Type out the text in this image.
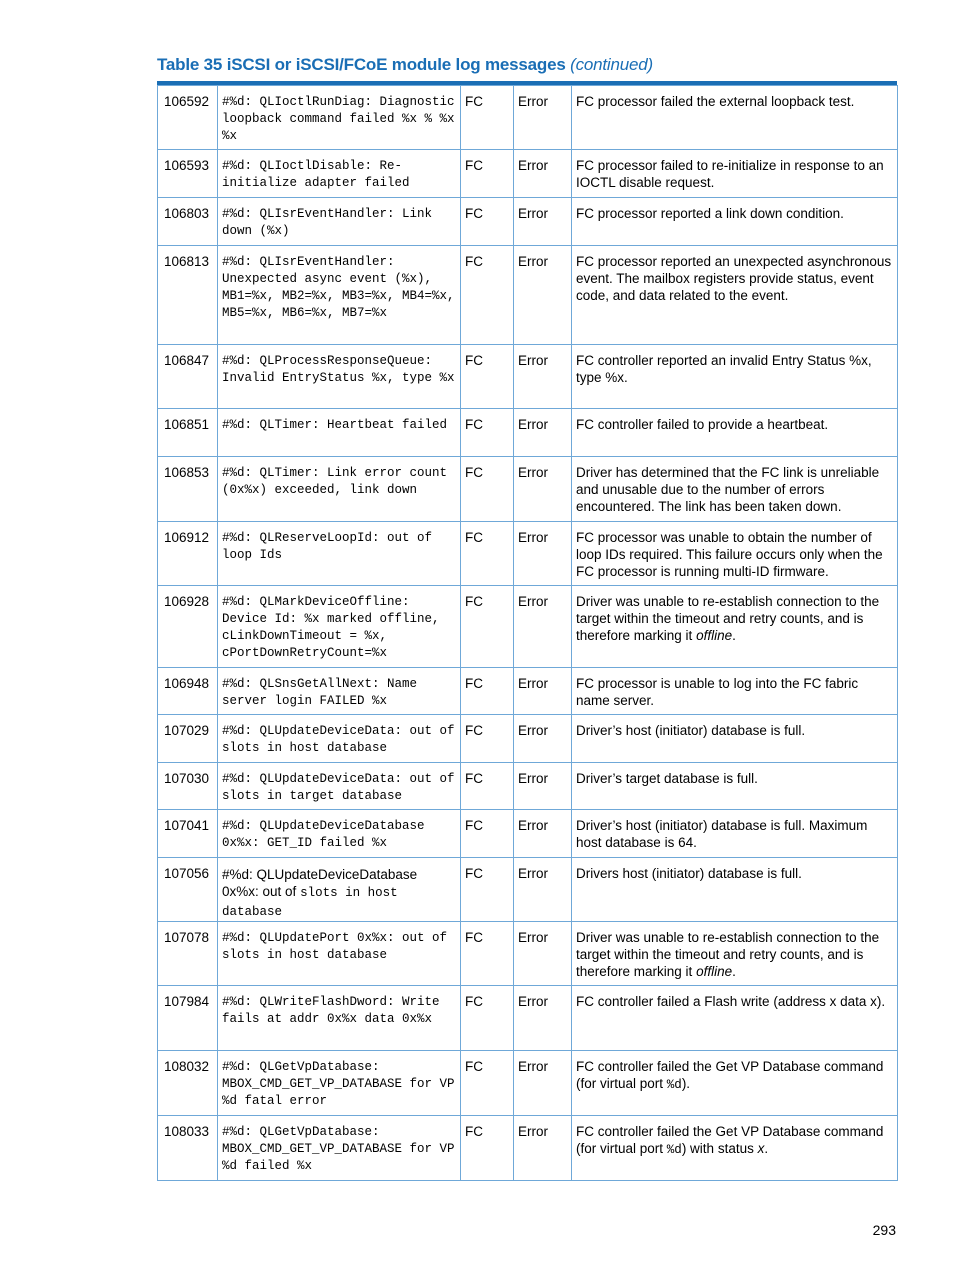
Table 35 iSCSI or iSCSI/FCoE module log messages (continued)
106592	#%d: QLIoctlRunDiag: Diagnostic loopback command failed %x % %x %x	FC	Error	FC processor failed the external loopback test.
106593	#%d: QLIoctlDisable: Re-initialize adapter failed	FC	Error	FC processor failed to re-initialize in response to an IOCTL disable request.
106803	#%d: QLIsrEventHandler: Link down (%x)	FC	Error	FC processor reported a link down condition.
106813	#%d: QLIsrEventHandler: Unexpected async event (%x), MB1=%x, MB2=%x, MB3=%x, MB4=%x, MB5=%x, MB6=%x, MB7=%x	FC	Error	FC processor reported an unexpected asynchronous event. The mailbox registers provide status, event code, and data related to the event.
106847	#%d: QLProcessResponseQueue: Invalid EntryStatus %x, type %x	FC	Error	FC controller reported an invalid Entry Status %x, type %x.
106851	#%d: QLTimer: Heartbeat failed	FC	Error	FC controller failed to provide a heartbeat.
106853	#%d: QLTimer: Link error count (0x%x) exceeded, link down	FC	Error	Driver has determined that the FC link is unreliable and unusable due to the number of errors encountered. The link has been taken down.
106912	#%d: QLReserveLoopId: out of loop Ids	FC	Error	FC processor was unable to obtain the number of loop IDs required. This failure occurs only when the FC processor is running multi-ID firmware.
106928	#%d: QLMarkDeviceOffline: Device Id: %x marked offline, cLinkDownTimeout = %x, cPortDownRetryCount=%x	FC	Error	Driver was unable to re-establish connection to the target within the timeout and retry counts, and is therefore marking it offline.
106948	#%d: QLSnsGetAllNext: Name server login FAILED %x	FC	Error	FC processor is unable to log into the FC fabric name server.
107029	#%d: QLUpdateDeviceData: out of slots in host database	FC	Error	Driver’s host (initiator) database is full.
107030	#%d: QLUpdateDeviceData: out of slots in target database	FC	Error	Driver’s target database is full.
107041	#%d: QLUpdateDeviceDatabase 0x%x: GET_ID failed %x	FC	Error	Driver’s host (initiator) database is full. Maximum host database is 64.
107056	#%d: QLUpdateDeviceDatabase 0x%x: out of slots in host database	FC	Error	Drivers host (initiator) database is full.
107078	#%d: QLUpdatePort 0x%x: out of slots in host database	FC	Error	Driver was unable to re-establish connection to the target within the timeout and retry counts, and is therefore marking it offline.
107984	#%d: QLWriteFlashDword: Write fails at addr 0x%x data 0x%x	FC	Error	FC controller failed a Flash write (address x data x).
108032	#%d: QLGetVpDatabase: MBOX_CMD_GET_VP_DATABASE for VP %d fatal error	FC	Error	FC controller failed the Get VP Database command (for virtual port %d).
108033	#%d: QLGetVpDatabase: MBOX_CMD_GET_VP_DATABASE for VP %d failed %x	FC	Error	FC controller failed the Get VP Database command (for virtual port %d) with status x.
293
